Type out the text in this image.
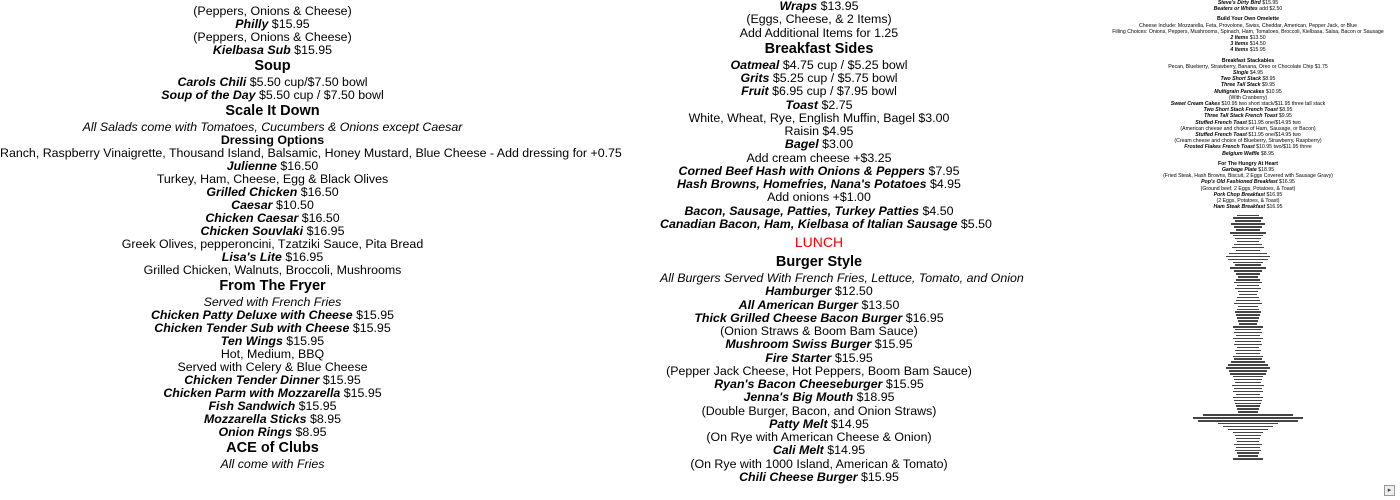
(Peppers, Onions & Cheese)
Philly $15.95
(Peppers, Onions & Cheese)
Kielbasa Sub $15.95
Soup
Carols Chili $5.50 cup/$7.50 bowl
Soup of the Day $5.50 cup / $7.50 bowl
Scale It Down
All Salads come with Tomatoes, Cucumbers & Onions except Caesar
Dressing Options
Ranch, Raspberry Vinaigrette, Thousand Island, Balsamic, Honey Mustard, Blue Cheese - Add dressing for +0.75
Julienne $16.50
Turkey, Ham, Cheese, Egg & Black Olives
Grilled Chicken $16.50
Caesar $10.50
Chicken Caesar $16.50
Chicken Souvlaki $16.95
Greek Olives, pepperoncini, Tzatziki Sauce, Pita Bread
Lisa's Lite $16.95
Grilled Chicken, Walnuts, Broccoli, Mushrooms
From The Fryer
Served with French Fries
Chicken Patty Deluxe with Cheese $15.95
Chicken Tender Sub with Cheese $15.95
Ten Wings $15.95
Hot, Medium, BBQ
Served with Celery & Blue Cheese
Chicken Tender Dinner $15.95
Chicken Parm with Mozzarella $15.95
Fish Sandwich $15.95
Mozzarella Sticks $8.95
Onion Rings $8.95
ACE of Clubs
All come with Fries
Wraps $13.95
(Eggs, Cheese, & 2 Items)
Add Additional Items for 1.25
Breakfast Sides
Oatmeal $4.75 cup / $5.25 bowl
Grits $5.25 cup / $5.75 bowl
Fruit $6.95 cup / $7.95 bowl
Toast $2.75
White, Wheat, Rye, English Muffin, Bagel $3.00
Raisin $4.95
Bagel $3.00
Add cream cheese +$3.25
Corned Beef Hash with Onions & Peppers $7.95
Hash Browns, Homefries, Nana's Potatoes $4.95
Add onions +$1.00
Bacon, Sausage, Patties, Turkey Patties $4.50
Canadian Bacon, Ham, Kielbasa of Italian Sausage $5.50
LUNCH
Burger Style
All Burgers Served With French Fries, Lettuce, Tomato, and Onion
Hamburger $12.50
All American Burger $13.50
Thick Grilled Cheese Bacon Burger $16.95
(Onion Straws & Boom Bam Sauce)
Mushroom Swiss Burger $15.95
Fire Starter $15.95
(Pepper Jack Cheese, Hot Peppers, Boom Bam Sauce)
Ryan's Bacon Cheeseburger $15.95
Jenna's Big Mouth $18.95
(Double Burger, Bacon, and Onion Straws)
Patty Melt $14.95
(On Rye with American Cheese & Onion)
Cali Melt $14.95
(On Rye with 1000 Island, American & Tomato)
Chili Cheese Burger $15.95
Steve's Dirty Bird $15.95
Beaters or Whites add $2.50
Build Your Own Omelette
Cheese Include: Mozzarella, Feta, Provolone, Swiss, Cheddar, American, Pepper Jack, or Blue
Filling Choices: Onions, Peppers, Mushrooms, Spinach, Ham, Tomatoes, Broccoli, Kielbasa, Salsa, Bacon or Sausage
2 Items $13.50
3 Items $14.50
4 Items $15.95
Breakfast Stackables
Pecan, Blueberry, Strawberry, Banana, Oreo or Chocolate Chip $1.75
Single $4.95
Two Short Stack $8.95
Three Tall Stack $9.95
Multigrain Pancakes $10.95
(With Cranberry)
Sweet Cream Cakes $10.95 two short stack/$11.95 three tall stack
Two Short Stack French Toast $8.95
Three Tall Stack French Toast $9.95
Stuffed French Toast $11.95 one/$14.95 two
(American cheese and choice of Ham, Sausage, or Bacon)
Stuffed French Toast $11.95 one/$14.95 two
(Cream cheese and choice of Blueberry, Strawberry, Raspberry)
Frosted Flakes French Toast $10.95 two/$11.95 three
Belgium Waffle $8.95
For The Hungry At Heart
Garbage Plate $18.95
(Fried Steak, Hash Browns, Biscuit, 2 Eggs Covered with Sausage Gravy)
Pop's Old Fashioned Breakfast $16.95
(Ground beef, 2 Eggs, Potatoes, & Toast)
Pork Chop Breakfast $16.95
(2 Eggs, Potatoes, & Toast)
Ham Steak Breakfast $16.95
▸
